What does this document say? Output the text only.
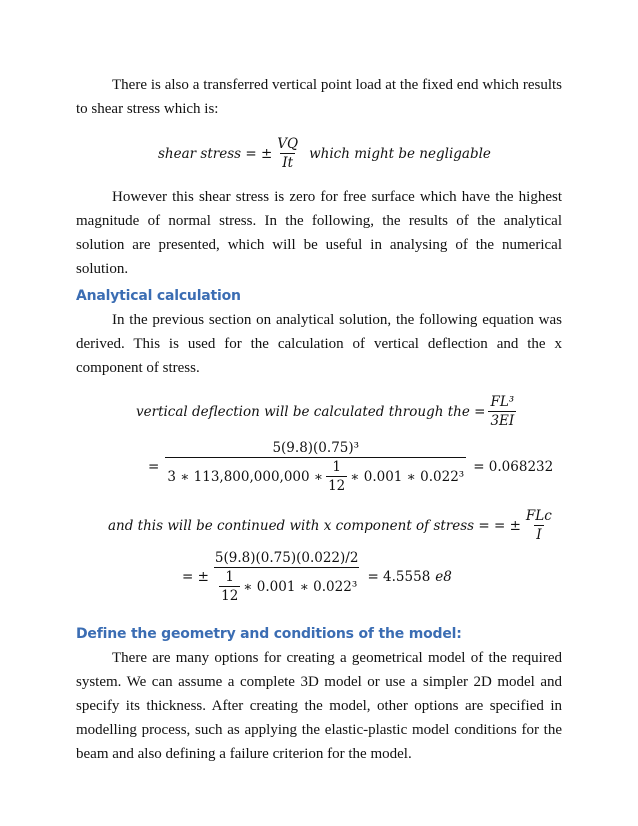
There is also a transferred vertical point load at the fixed end which results to shear stress which is:

shear stress = ± $\frac{VQ}{It}$ which might be negligable

However this shear stress is zero for free surface which have the highest magnitude of normal stress. In the following, the results of the analytical solution are presented, which will be useful in analysing of the numerical solution.

Analytical calculation

In the previous section on analytical solution, the following equation was derived. This is used for the calculation of vertical deflection and the x component of stress.

vertical deflection will be calculated through the = $\frac{\text{FL³}}{3EI}$
=
5(9.8)(0.75)³
3 ∗ 113,800,000,000 ∗ $\frac{1}{12}$ ∗ 0.001 ∗ 0.022³
= 0.068232
and this will be continued with x component of stress = = ± $\frac{\text{FLc}}{I}$
= ± $\frac{5(9.8)(0.75)(0.022)/2}{\frac{1}{12} ∗ 0.001 ∗ 0.022^3} = 4.5558$ e8
Define the geometry and conditions of the model:

There are many options for creating a geometrical model of the required system. We can assume a complete 3D model or use a simpler 2D model and specify its thickness. After creating the model, other options are specified in modelling process, such as applying the elastic-plastic model conditions for the beam and also defining a failure criterion for the model.
